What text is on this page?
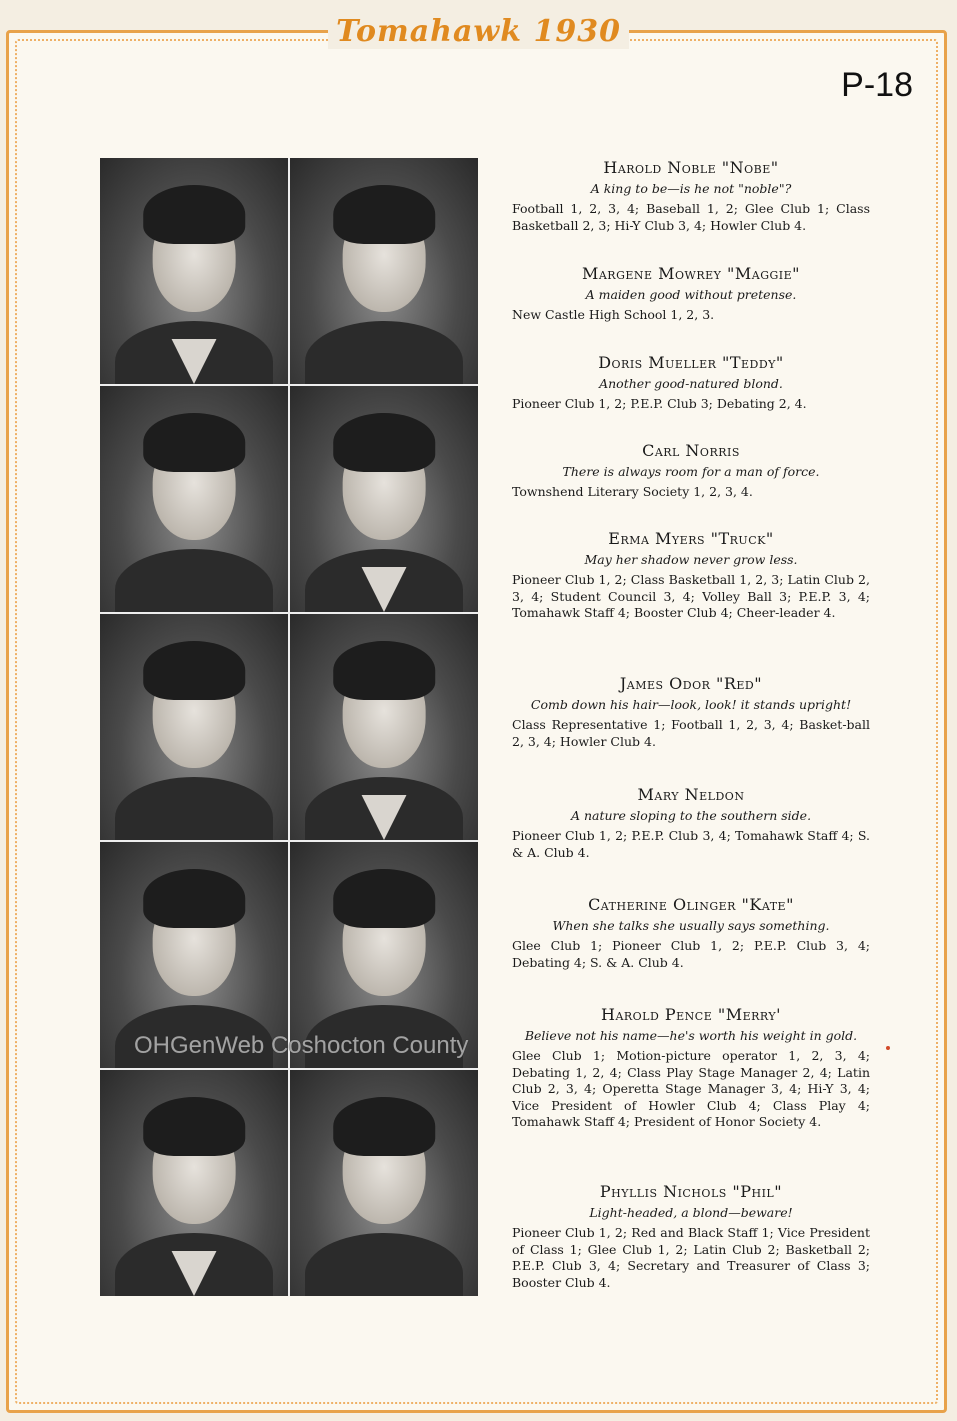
Tomahawk 1930
P-18
OHGenWeb Coshocton County

Harold Noble "Nobe"

A king to be—is he not "noble"?

Football 1, 2, 3, 4; Baseball 1, 2; Glee Club 1; Class Basketball 2, 3; Hi-Y Club 3, 4; Howler Club 4.

Margene Mowrey "Maggie"

A maiden good without pretense.

New Castle High School 1, 2, 3.

Doris Mueller "Teddy"

Another good-natured blond.

Pioneer Club 1, 2; P.E.P. Club 3; Debating 2, 4.

Carl Norris

There is always room for a man of force.

Townshend Literary Society 1, 2, 3, 4.

Erma Myers "Truck"

May her shadow never grow less.

Pioneer Club 1, 2; Class Basketball 1, 2, 3; Latin Club 2, 3, 4; Student Council 3, 4; Volley Ball 3; P.E.P. 3, 4; Tomahawk Staff 4; Booster Club 4; Cheer-leader 4.

James Odor "Red"

Comb down his hair—look, look! it stands upright!

Class Representative 1; Football 1, 2, 3, 4; Basket-ball 2, 3, 4; Howler Club 4.

Mary Neldon

A nature sloping to the southern side.

Pioneer Club 1, 2; P.E.P. Club 3, 4; Tomahawk Staff 4; S. & A. Club 4.

Catherine Olinger "Kate"

When she talks she usually says something.

Glee Club 1; Pioneer Club 1, 2; P.E.P. Club 3, 4; Debating 4; S. & A. Club 4.

Harold Pence "Merry'

Believe not his name—he's worth his weight in gold.

Glee Club 1; Motion-picture operator 1, 2, 3, 4; Debating 1, 2, 4; Class Play Stage Manager 2, 4; Latin Club 2, 3, 4; Operetta Stage Manager 3, 4; Hi-Y 3, 4; Vice President of Howler Club 4; Class Play 4; Tomahawk Staff 4; President of Honor Society 4.

Phyllis Nichols "Phil"

Light-headed, a blond—beware!

Pioneer Club 1, 2; Red and Black Staff 1; Vice President of Class 1; Glee Club 1, 2; Latin Club 2; Basketball 2; P.E.P. Club 3, 4; Secretary and Treasurer of Class 3; Booster Club 4.
